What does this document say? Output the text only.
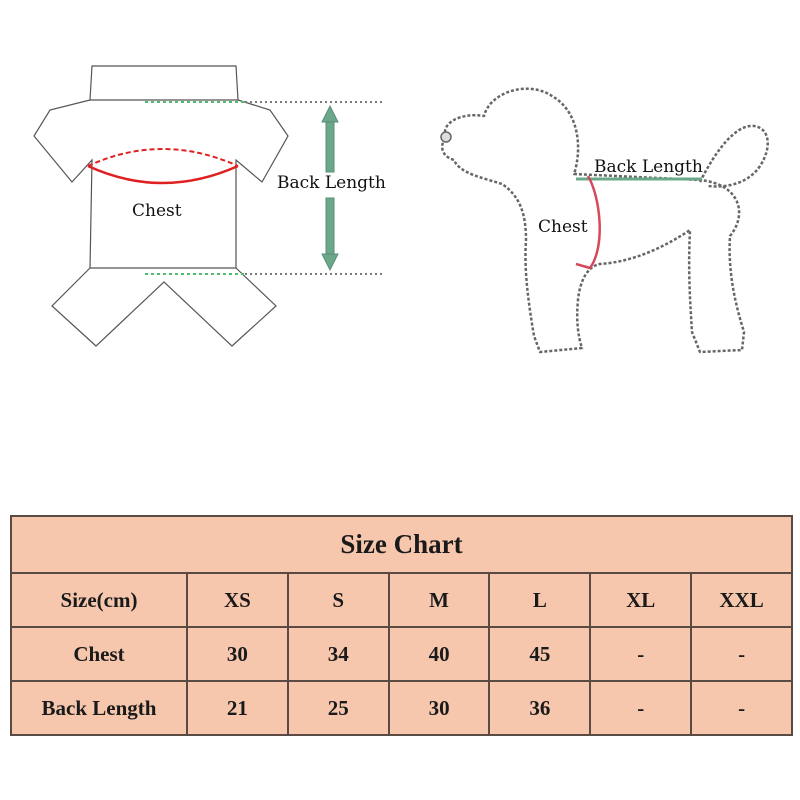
Chest
Back Length
Back Length
Chest
Size Chart						
Size(cm)	XS	S	M	L	XL	XXL
Chest	30	34	40	45	-	-
Back Length	21	25	30	36	-	-
